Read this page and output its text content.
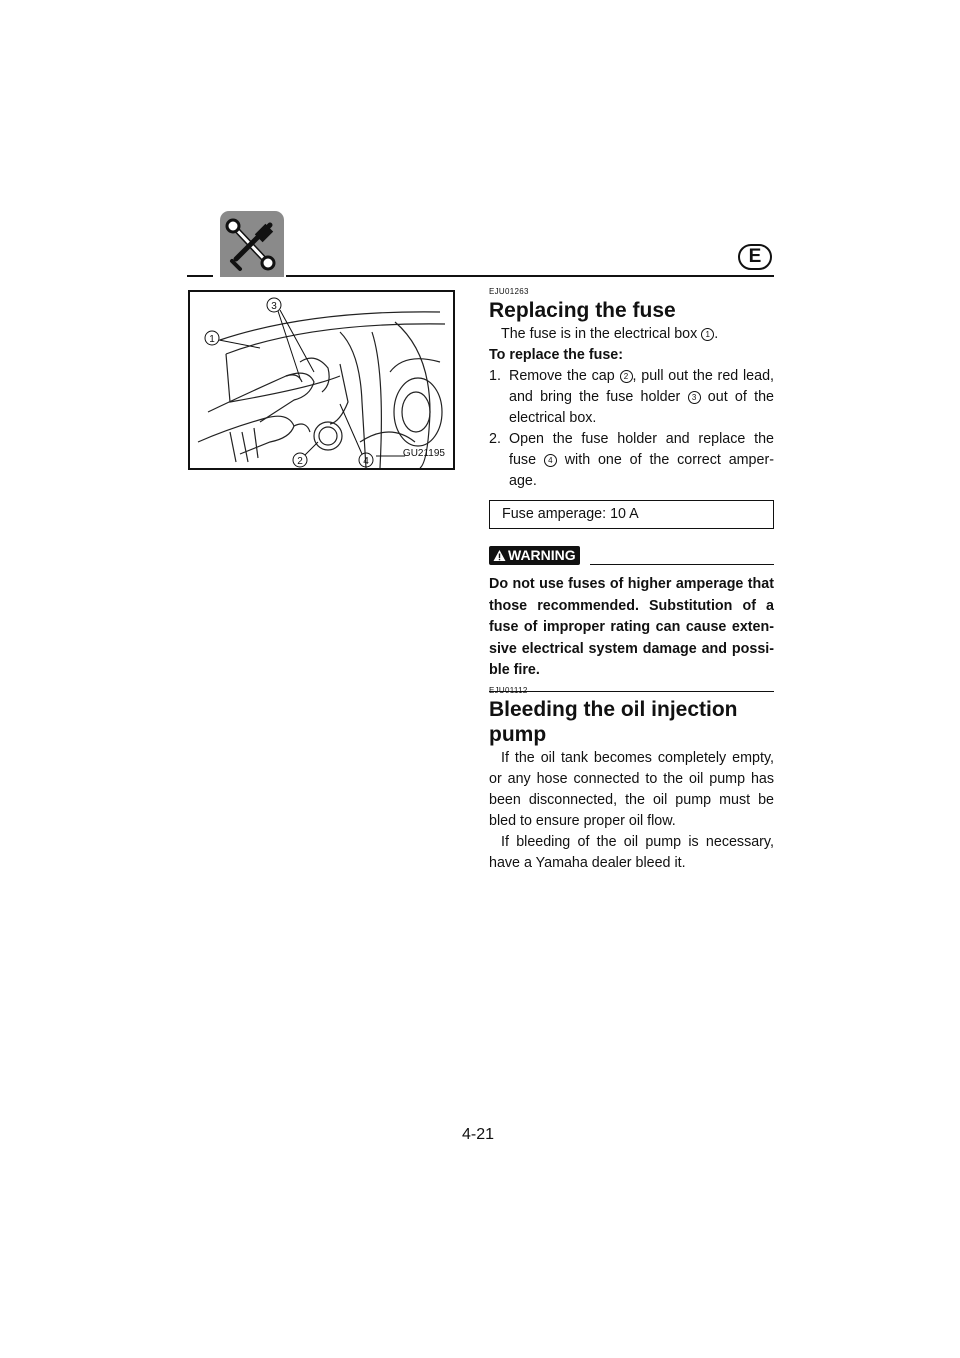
E
3
1
2	4
GU21195
EJU01263
Replacing the fuse

The fuse is in the electrical box 1 .

To replace the fuse:

1. Remove the cap 2 , pull out the red lead, and bring the fuse holder 3 out of the electrical box.
2. Open the fuse holder and replace the fuse 4 with one of the correct amper-age.
Fuse amperage: 10 A
WARNING

Do not use fuses of higher amperage that those recommended. Substitution of a fuse of improper rating can cause exten-sive electrical system damage and possi-ble fire.

EJU01112
Bleeding the oil injection
pump

If the oil tank becomes completely empty, or any hose connected to the oil pump has been disconnected, the oil pump must be bled to ensure proper oil flow.

If bleeding of the oil pump is necessary, have a Yamaha dealer bleed it.

4-21
